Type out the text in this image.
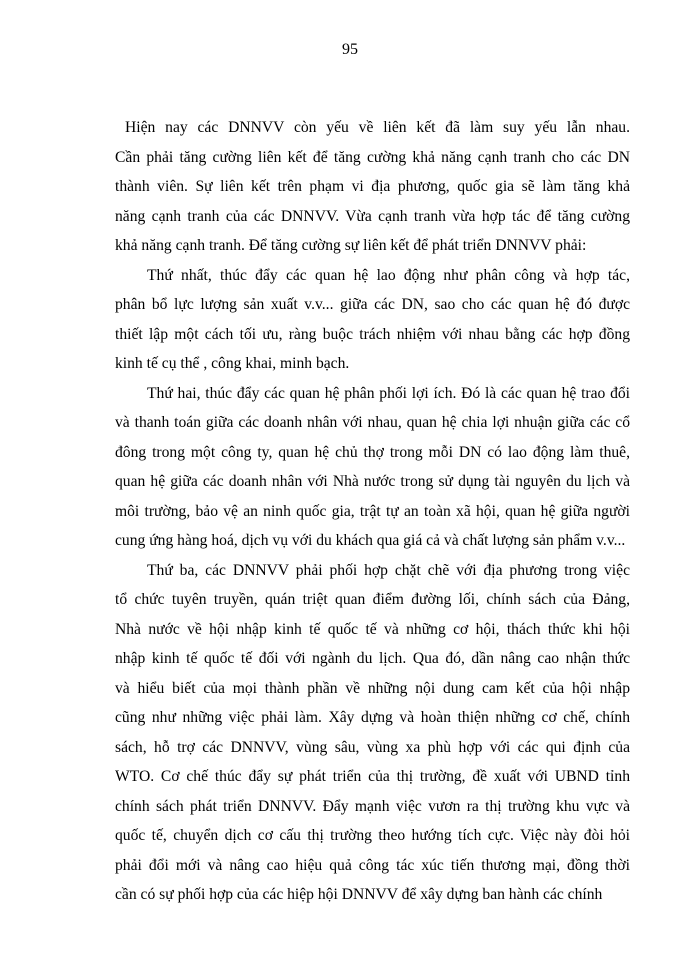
95
Hiện nay các DNNVV còn yếu về liên kết đã làm suy yếu lẫn nhau.
Cần phải tăng cường liên kết để tăng cường khả năng cạnh tranh cho các DN
thành viên. Sự liên kết trên phạm vi địa phương, quốc gia sẽ làm tăng khả
năng cạnh tranh của các DNNVV. Vừa cạnh tranh vừa hợp tác để tăng cường
khả năng cạnh tranh. Để tăng cường sự liên kết để phát triển DNNVV phải:
Thứ nhất, thúc đẩy các quan hệ lao động như phân công và hợp tác,
phân bổ lực lượng sản xuất v.v... giữa các DN, sao cho các quan hệ đó được
thiết lập một cách tối ưu, ràng buộc trách nhiệm với nhau bằng các hợp đồng
kinh tế cụ thể , công khai, minh bạch.
Thứ hai, thúc đẩy các quan hệ phân phối lợi ích. Đó là các quan hệ trao đổi
và thanh toán giữa các doanh nhân với nhau, quan hệ chia lợi nhuận giữa các cổ
đông trong một công ty, quan hệ chủ thợ trong mỗi DN có lao động làm thuê,
quan hệ giữa các doanh nhân với Nhà nước trong sử dụng tài nguyên du lịch và
môi trường, bảo vệ an ninh quốc gia, trật tự an toàn xã hội, quan hệ giữa người
cung ứng hàng hoá, dịch vụ với du khách qua giá cả và chất lượng sản phẩm v.v...
Thứ ba, các DNNVV phải phối hợp chặt chẽ với địa phương trong việc
tổ chức tuyên truyền, quán triệt quan điểm đường lối, chính sách của Đảng,
Nhà nước về hội nhập kinh tế quốc tế và những cơ hội, thách thức khi hội
nhập kinh tế quốc tế đối với ngành du lịch. Qua đó, dần nâng cao nhận thức
và hiểu biết của mọi thành phần về những nội dung cam kết của hội nhập
cũng như những việc phải làm. Xây dựng và hoàn thiện những cơ chế, chính
sách, hỗ trợ các DNNVV, vùng sâu, vùng xa phù hợp với các qui định của
WTO. Cơ chế thúc đẩy sự phát triển của thị trường, đề xuất với UBND tỉnh
chính sách phát triển DNNVV. Đẩy mạnh việc vươn ra thị trường khu vực và
quốc tế, chuyển dịch cơ cấu thị trường theo hướng tích cực. Việc này đòi hỏi
phải đổi mới và nâng cao hiệu quả công tác xúc tiến thương mại, đồng thời
cần có sự phối hợp của các hiệp hội DNNVV để xây dựng ban hành các chính
